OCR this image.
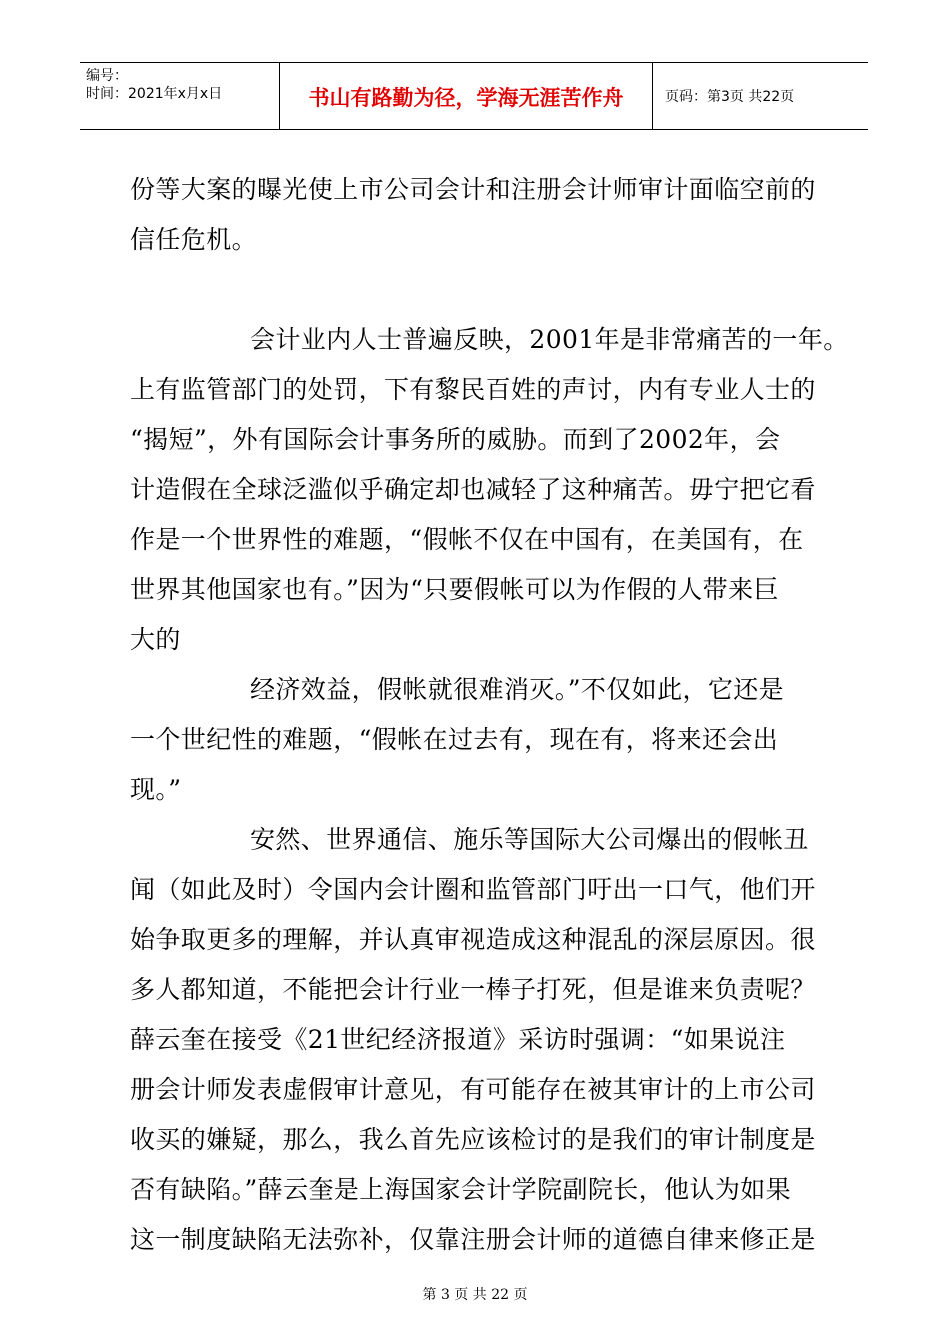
编号：
时间：2021年x月x日	书山有路勤为径，学海无涯苦作舟	页码：第3页 共22页
份等大案的曝光使上市公司会计和注册会计师审计面临空前的
信任危机。
会计业内人士普遍反映，2001年是非常痛苦的一年。
上有监管部门的处罚，下有黎民百姓的声讨，内有专业人士的
“揭短”，外有国际会计事务所的威胁。而到了2002年，会
计造假在全球泛滥似乎确定却也减轻了这种痛苦。毋宁把它看
作是一个世界性的难题，“假帐不仅在中国有，在美国有，在
世界其他国家也有。”因为“只要假帐可以为作假的人带来巨
大的
经济效益，假帐就很难消灭。”不仅如此，它还是
一个世纪性的难题，“假帐在过去有，现在有，将来还会出
现。”
安然、世界通信、施乐等国际大公司爆出的假帐丑
闻（如此及时）令国内会计圈和监管部门吁出一口气，他们开
始争取更多的理解，并认真审视造成这种混乱的深层原因。很
多人都知道，不能把会计行业一棒子打死，但是谁来负责呢？
薛云奎在接受《21世纪经济报道》采访时强调：“如果说注
册会计师发表虚假审计意见，有可能存在被其审计的上市公司
收买的嫌疑，那么，我么首先应该检讨的是我们的审计制度是
否有缺陷。”薛云奎是上海国家会计学院副院长，他认为如果
这一制度缺陷无法弥补，仅靠注册会计师的道德自律来修正是
第 3 页 共 22 页
